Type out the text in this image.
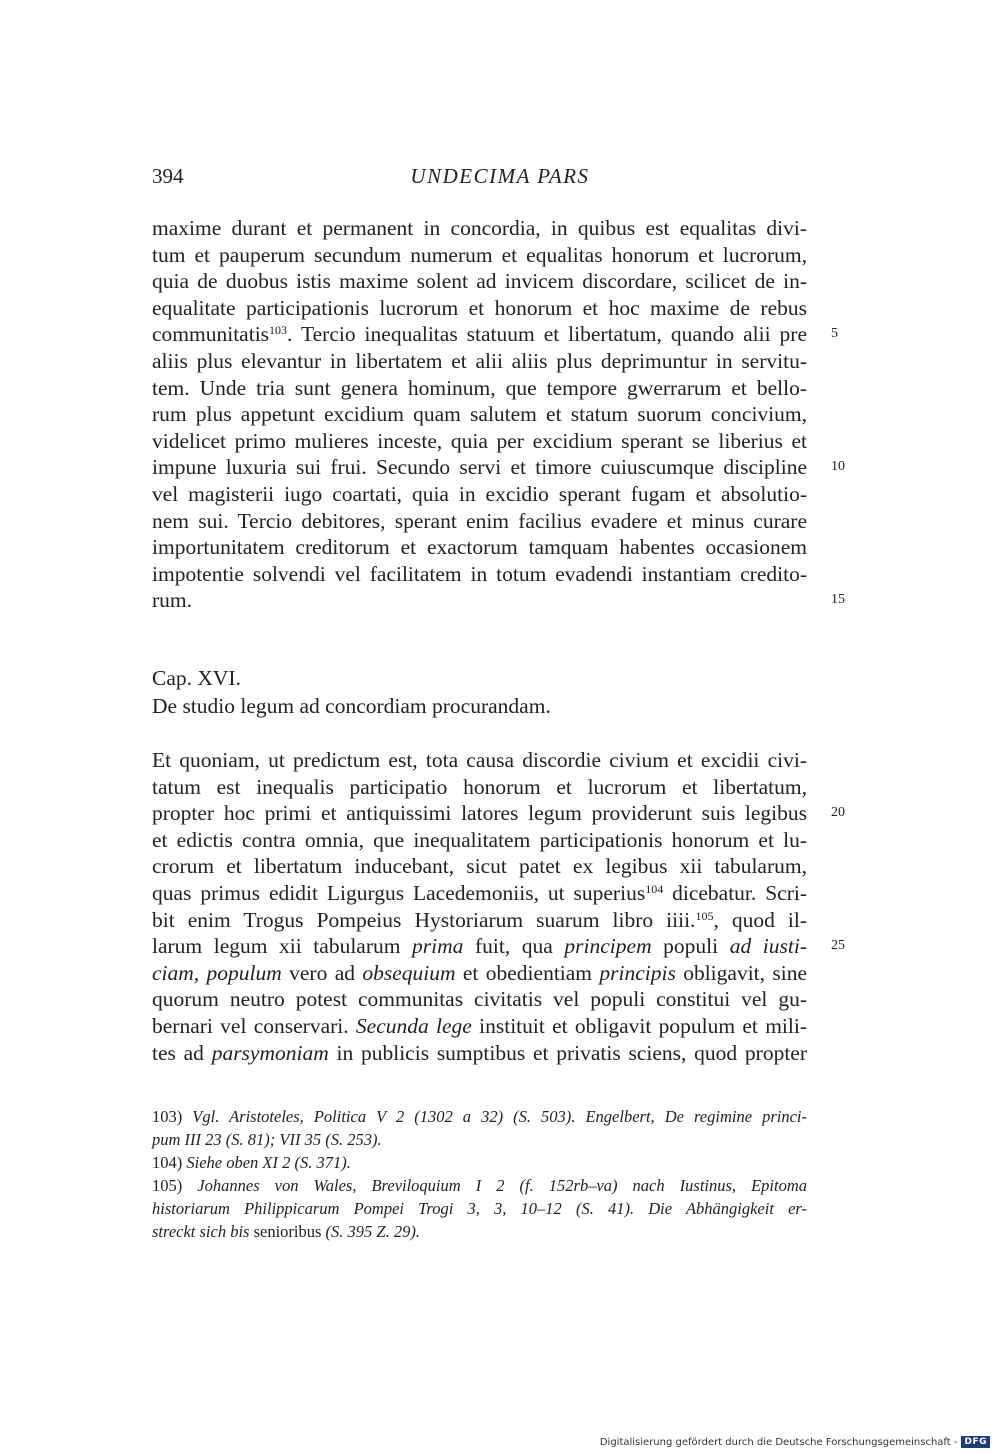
394	UNDECIMA PARS
maxime durant et permanent in concordia, in quibus est equalitas divi-
tum et pauperum secundum numerum et equalitas honorum et lucrorum,
quia de duobus istis maxime solent ad invicem discordare, scilicet de in-
equalitate participationis lucrorum et honorum et hoc maxime de rebus
communitatis$^{103}$. Tercio inequalitas statuum et libertatum, quando alii pre
aliis plus elevantur in libertatem et alii aliis plus deprimuntur in servitu-
tem. Unde tria sunt genera hominum, que tempore gwerrarum et bello-
rum plus appetunt excidium quam salutem et statum suorum concivium,
videlicet primo mulieres inceste, quia per excidium sperant se liberius et
impune luxuria sui frui. Secundo servi et timore cuiuscumque discipline
vel magisterii iugo coartati, quia in excidio sperant fugam et absolutio-
nem sui. Tercio debitores, sperant enim facilius evadere et minus curare
importunitatem creditorum et exactorum tamquam habentes occasionem
impotentie solvendi vel facilitatem in totum evadendi instantiam credito-
rum.
5
10
15
Cap. XVI.
De studio legum ad concordiam procurandam.
Et quoniam, ut predictum est, tota causa discordie civium et excidii civi-
tatum est inequalis participatio honorum et lucrorum et libertatum,
propter hoc primi et antiquissimi latores legum providerunt suis legibus
et edictis contra omnia, que inequalitatem participationis honorum et lu-
crorum et libertatum inducebant, sicut patet ex legibus xii tabularum,
quas primus edidit Ligurgus Lacedemoniis, ut superius$^{104}$ dicebatur. Scri-
bit enim Trogus Pompeius Hystoriarum suarum libro iiii.$^{105}$, quod il-
larum legum xii tabularum prima fuit, qua principem populi ad iusti-
ciam, populum vero ad obsequium et obedientiam principis obligavit, sine
quorum neutro potest communitas civitatis vel populi constitui vel gu-
bernari vel conservari. Secunda lege instituit et obligavit populum et mili-
tes ad parsymoniam in publicis sumptibus et privatis sciens, quod propter
20
25
103) Vgl. Aristoteles, Politica V 2 (1302 a 32) (S. 503). Engelbert, De regimine princi-
pum III 23 (S. 81); VII 35 (S. 253).
104) Siehe oben XI 2 (S. 371).
105) Johannes von Wales, Breviloquium I 2 (f. 152rb–va) nach Iustinus, Epitoma
historiarum Philippicarum Pompei Trogi 3, 3, 10–12 (S. 41). Die Abhängigkeit er-
streckt sich bis senioribus (S. 395 Z. 29).
Digitalisierung gefördert durch die Deutsche Forschungsgemeinschaft - DFG
